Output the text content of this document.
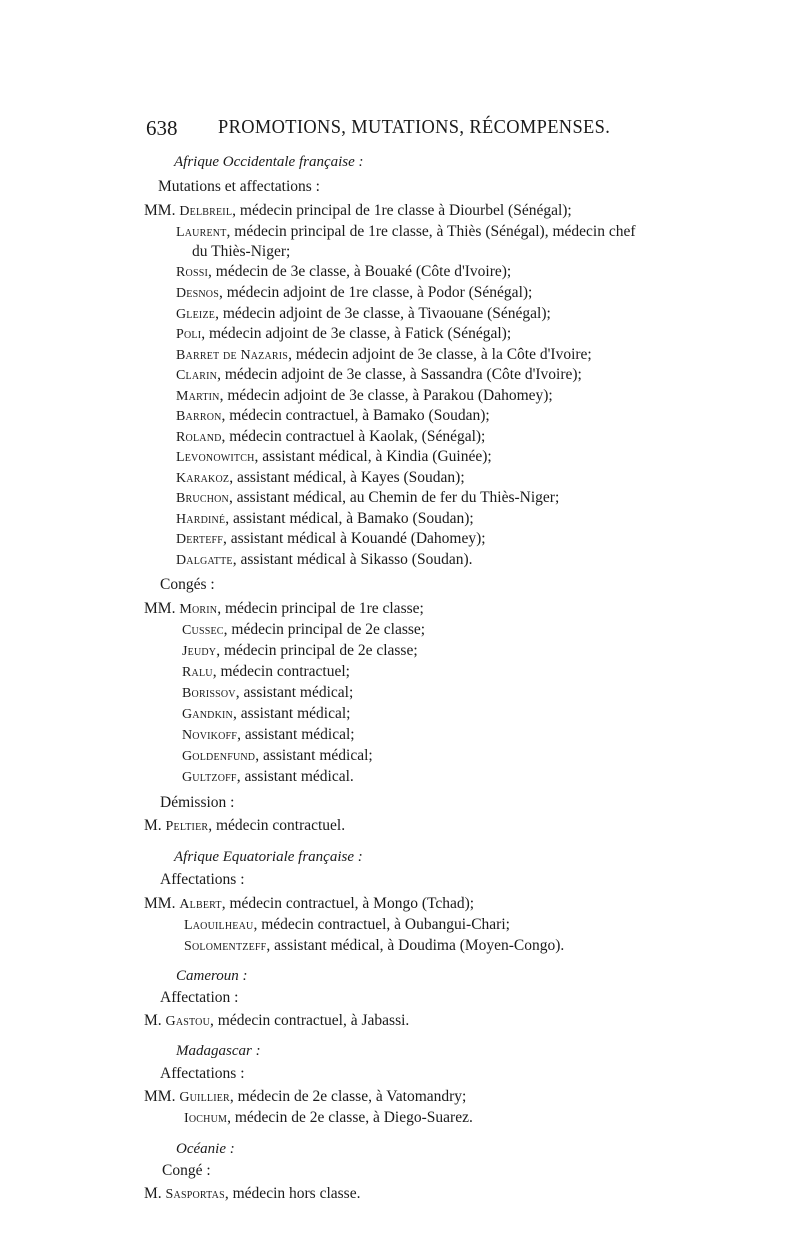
638 PROMOTIONS, MUTATIONS, RÉCOMPENSES.
Afrique Occidentale française :
Mutations et affectations :
MM. Delbreil, médecin principal de 1re classe à Diourbel (Sénégal);
Laurent, médecin principal de 1re classe, à Thiès (Sénégal), médecin chef
du Thiès-Niger;
Rossi, médecin de 3e classe, à Bouaké (Côte d'Ivoire);
Desnos, médecin adjoint de 1re classe, à Podor (Sénégal);
Gleize, médecin adjoint de 3e classe, à Tivaouane (Sénégal);
Poli, médecin adjoint de 3e classe, à Fatick (Sénégal);
Barret de Nazaris, médecin adjoint de 3e classe, à la Côte d'Ivoire;
Clarin, médecin adjoint de 3e classe, à Sassandra (Côte d'Ivoire);
Martin, médecin adjoint de 3e classe, à Parakou (Dahomey);
Barron, médecin contractuel, à Bamako (Soudan);
Roland, médecin contractuel à Kaolak, (Sénégal);
Levonowitch, assistant médical, à Kindia (Guinée);
Karakoz, assistant médical, à Kayes (Soudan);
Bruchon, assistant médical, au Chemin de fer du Thiès-Niger;
Hardiné, assistant médical, à Bamako (Soudan);
Derteff, assistant médical à Kouandé (Dahomey);
Dalgatte, assistant médical à Sikasso (Soudan).
Congés :
MM. Morin, médecin principal de 1re classe;
Cussec, médecin principal de 2e classe;
Jeudy, médecin principal de 2e classe;
Ralu, médecin contractuel;
Borissov, assistant médical;
Gandkin, assistant médical;
Novikoff, assistant médical;
Goldenfund, assistant médical;
Gultzoff, assistant médical.
Démission :
M. Peltier, médecin contractuel.
Afrique Equatoriale française :
Affectations :
MM. Albert, médecin contractuel, à Mongo (Tchad);
Laouilheau, médecin contractuel, à Oubangui-Chari;
Solomentzeff, assistant médical, à Doudima (Moyen-Congo).
Cameroun :
Affectation :
M. Gastou, médecin contractuel, à Jabassi.
Madagascar :
Affectations :
MM. Guillier, médecin de 2e classe, à Vatomandry;
Iochum, médecin de 2e classe, à Diego-Suarez.
Océanie :
Congé :
M. Sasportas, médecin hors classe.
